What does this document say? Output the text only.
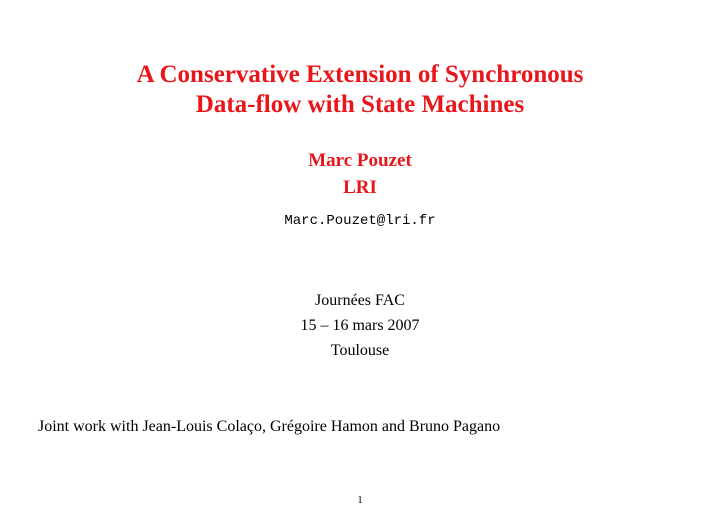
A Conservative Extension of Synchronous
Data-flow with State Machines
Marc Pouzet
LRI
Marc.Pouzet@lri.fr
Journées FAC
15 – 16 mars 2007
Toulouse
Joint work with Jean-Louis Colaço, Grégoire Hamon and Bruno Pagano
1
